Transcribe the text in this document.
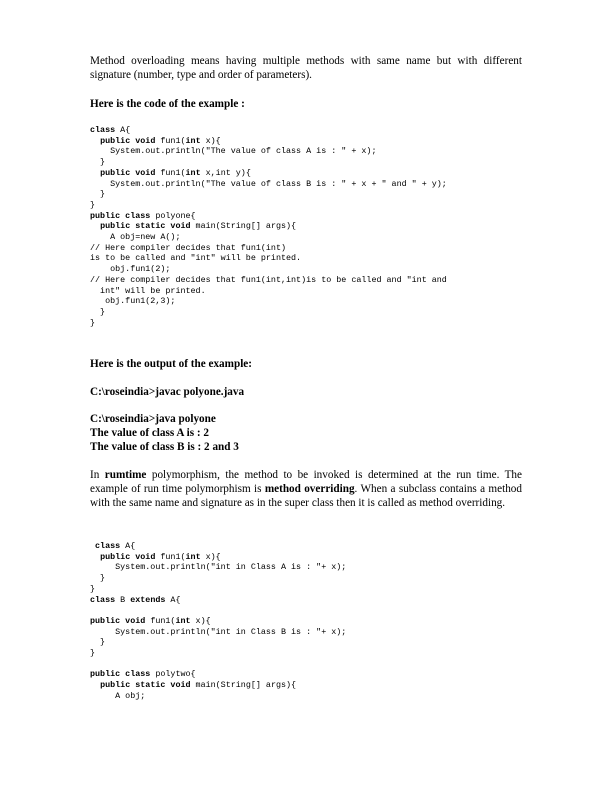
Method overloading means having multiple methods with same name but with different signature (number, type and order of parameters).

Here is the code of the example :

class A{
public void fun1(int x){
System.out.println("The value of class A is : " + x);
}
public void fun1(int x,int y){
System.out.println("The value of class B is : " + x + " and " + y);
}
}
public class polyone{
public static void main(String[] args){
A obj=new A();
// Here compiler decides that fun1(int)
is to be called and "int" will be printed.
obj.fun1(2);
// Here compiler decides that fun1(int,int)is to be called and "int and
int" will be printed.
obj.fun1(2,3);
}
}

Here is the output of the example:

C:\roseindia>javac polyone.java

C:\roseindia>java polyone

The value of class A is : 2

The value of class B is : 2 and 3

In rumtime polymorphism, the method to be invoked is determined at the run time. The example of run time polymorphism is method overriding. When a subclass contains a method with the same name and signature as in the super class then it is called as method overriding.

class A{
public void fun1(int x){
System.out.println("int in Class A is : "+ x);
}
}
class B extends A{

public void fun1(int x){
System.out.println("int in Class B is : "+ x);
}
}

public class polytwo{
public static void main(String[] args){
A obj;
